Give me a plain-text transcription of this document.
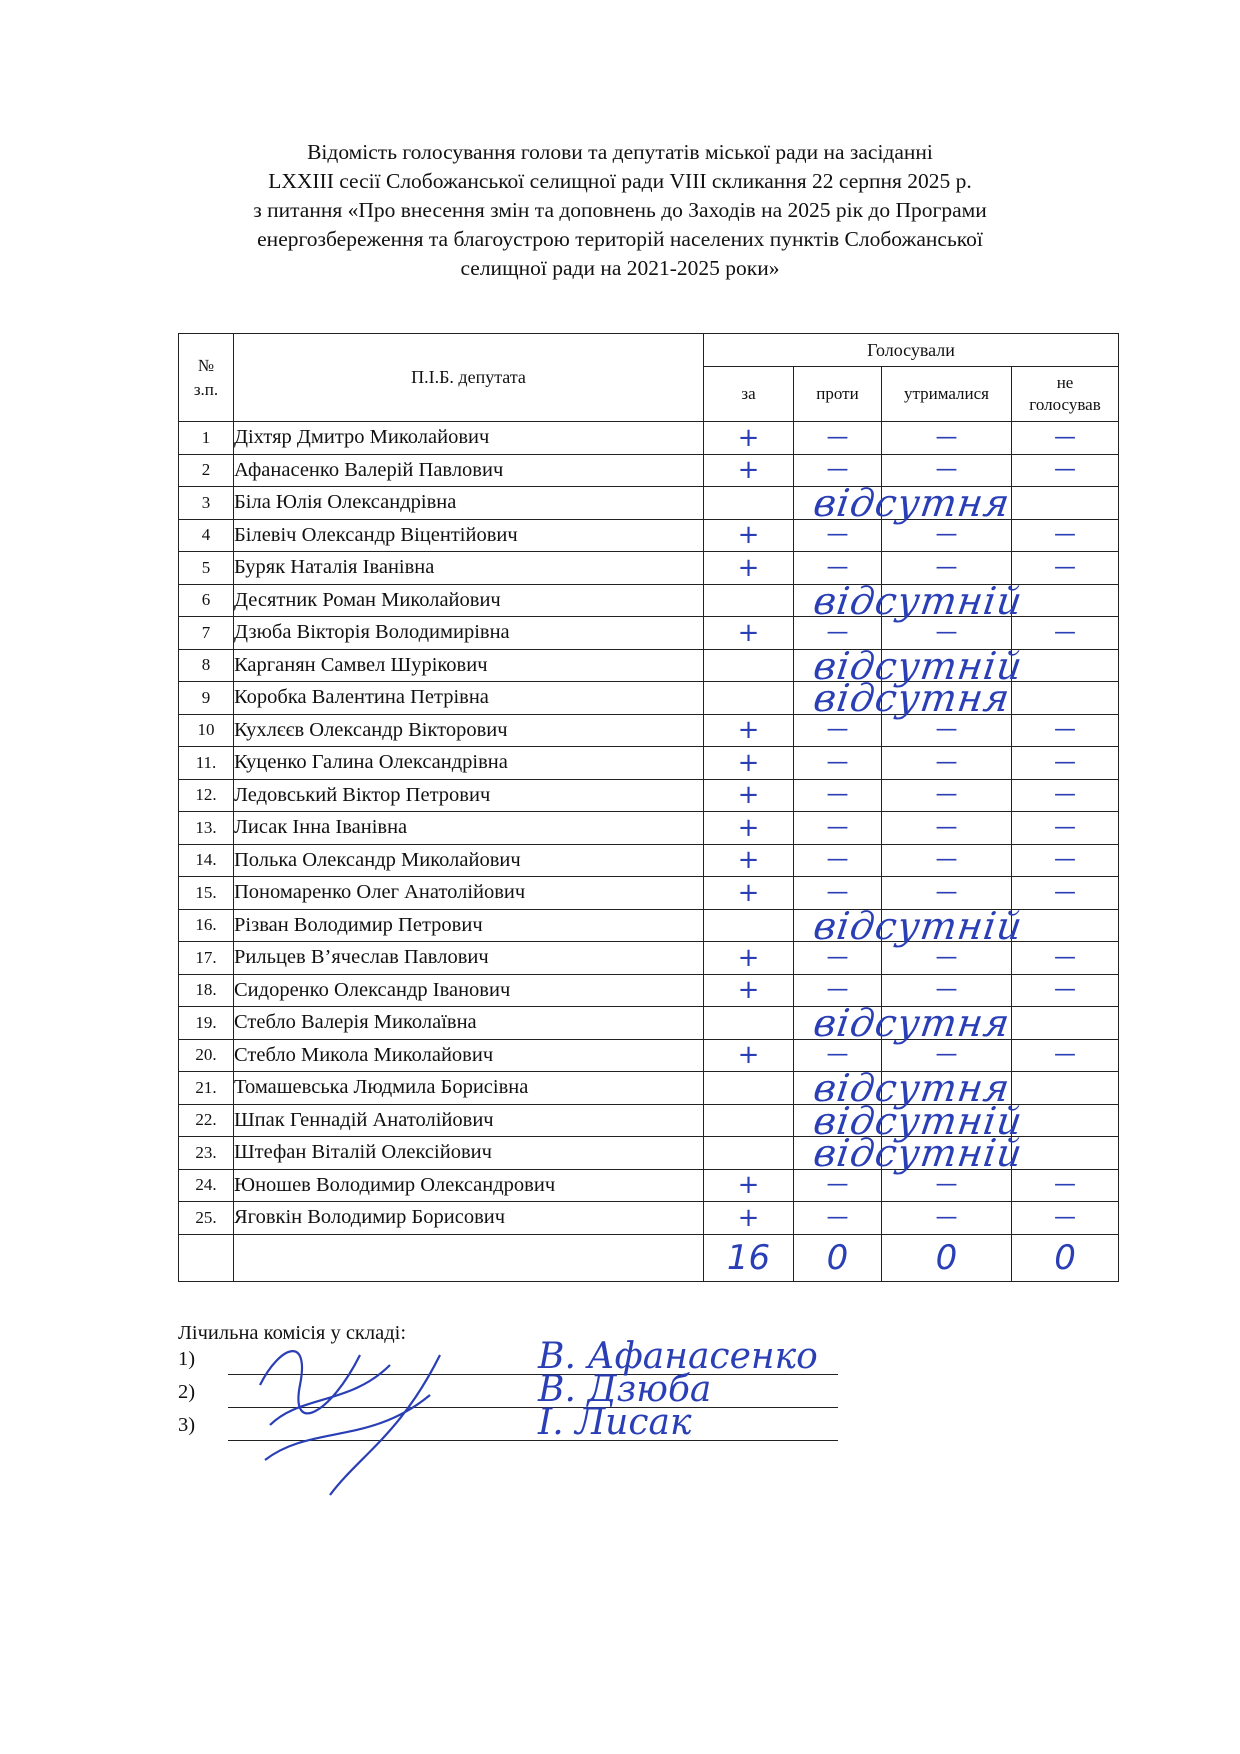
Відомість голосування голови та депутатів міської ради на засіданні
LXXIII сесії Слобожанської селищної ради VIII скликання 22 серпня 2025 р.
з питання «Про внесення змін та доповнень до Заходів на 2025 рік до Програми
енергозбереження та благоустрою територій населених пунктів Слобожанської
селищної ради на 2021-2025 роки»
№
з.п.	П.І.Б. депутата	Голосували			
		за	проти	утрималися	не
голосував

1	Діхтяр Дмитро Миколайович	+	—	—	—
2	Афанасенко Валерій Павлович	+	—	—	—
3	Біла Юлія Олександрівна	відсутня			

4	Білевіч Олександр Віцентійович	+	—	—	—
5	Буряк Наталія Іванівна	+	—	—	—
6	Десятник Роман Миколайович	відсутній			

7	Дзюба Вікторія Володимирівна	+	—	—	—
8	Карганян Самвел Шурікович	відсутній			

9	Коробка Валентина Петрівна	відсутня			

10	Кухлєєв Олександр Вікторович	+	—	—	—
11.	Куценко Галина Олександрівна	+	—	—	—
12.	Ледовський Віктор Петрович	+	—	—	—
13.	Лисак Інна Іванівна	+	—	—	—
14.	Полька Олександр Миколайович	+	—	—	—
15.	Пономаренко Олег Анатолійович	+	—	—	—
16.	Різван Володимир Петрович	відсутній			

17.	Рильцев В’ячеслав Павлович	+	—	—	—
18.	Сидоренко Олександр Іванович	+	—	—	—
19.	Стебло Валерія Миколаївна	відсутня			

20.	Стебло Микола Миколайович	+	—	—	—
21.	Томашевська Людмила Борисівна	відсутня			

22.	Шпак Геннадій Анатолійович	відсутній			

23.	Штефан Віталій Олексійович	відсутній			

24.	Юношев Володимир Олександрович	+	—	—	—
25.	Яговкін Володимир Борисович	+	—	—	—
		16	0	0	0
Лічильна комісія у складі:
1)	В. Афанасенко
2)	В. Дзюба
3)	І. Лисак
